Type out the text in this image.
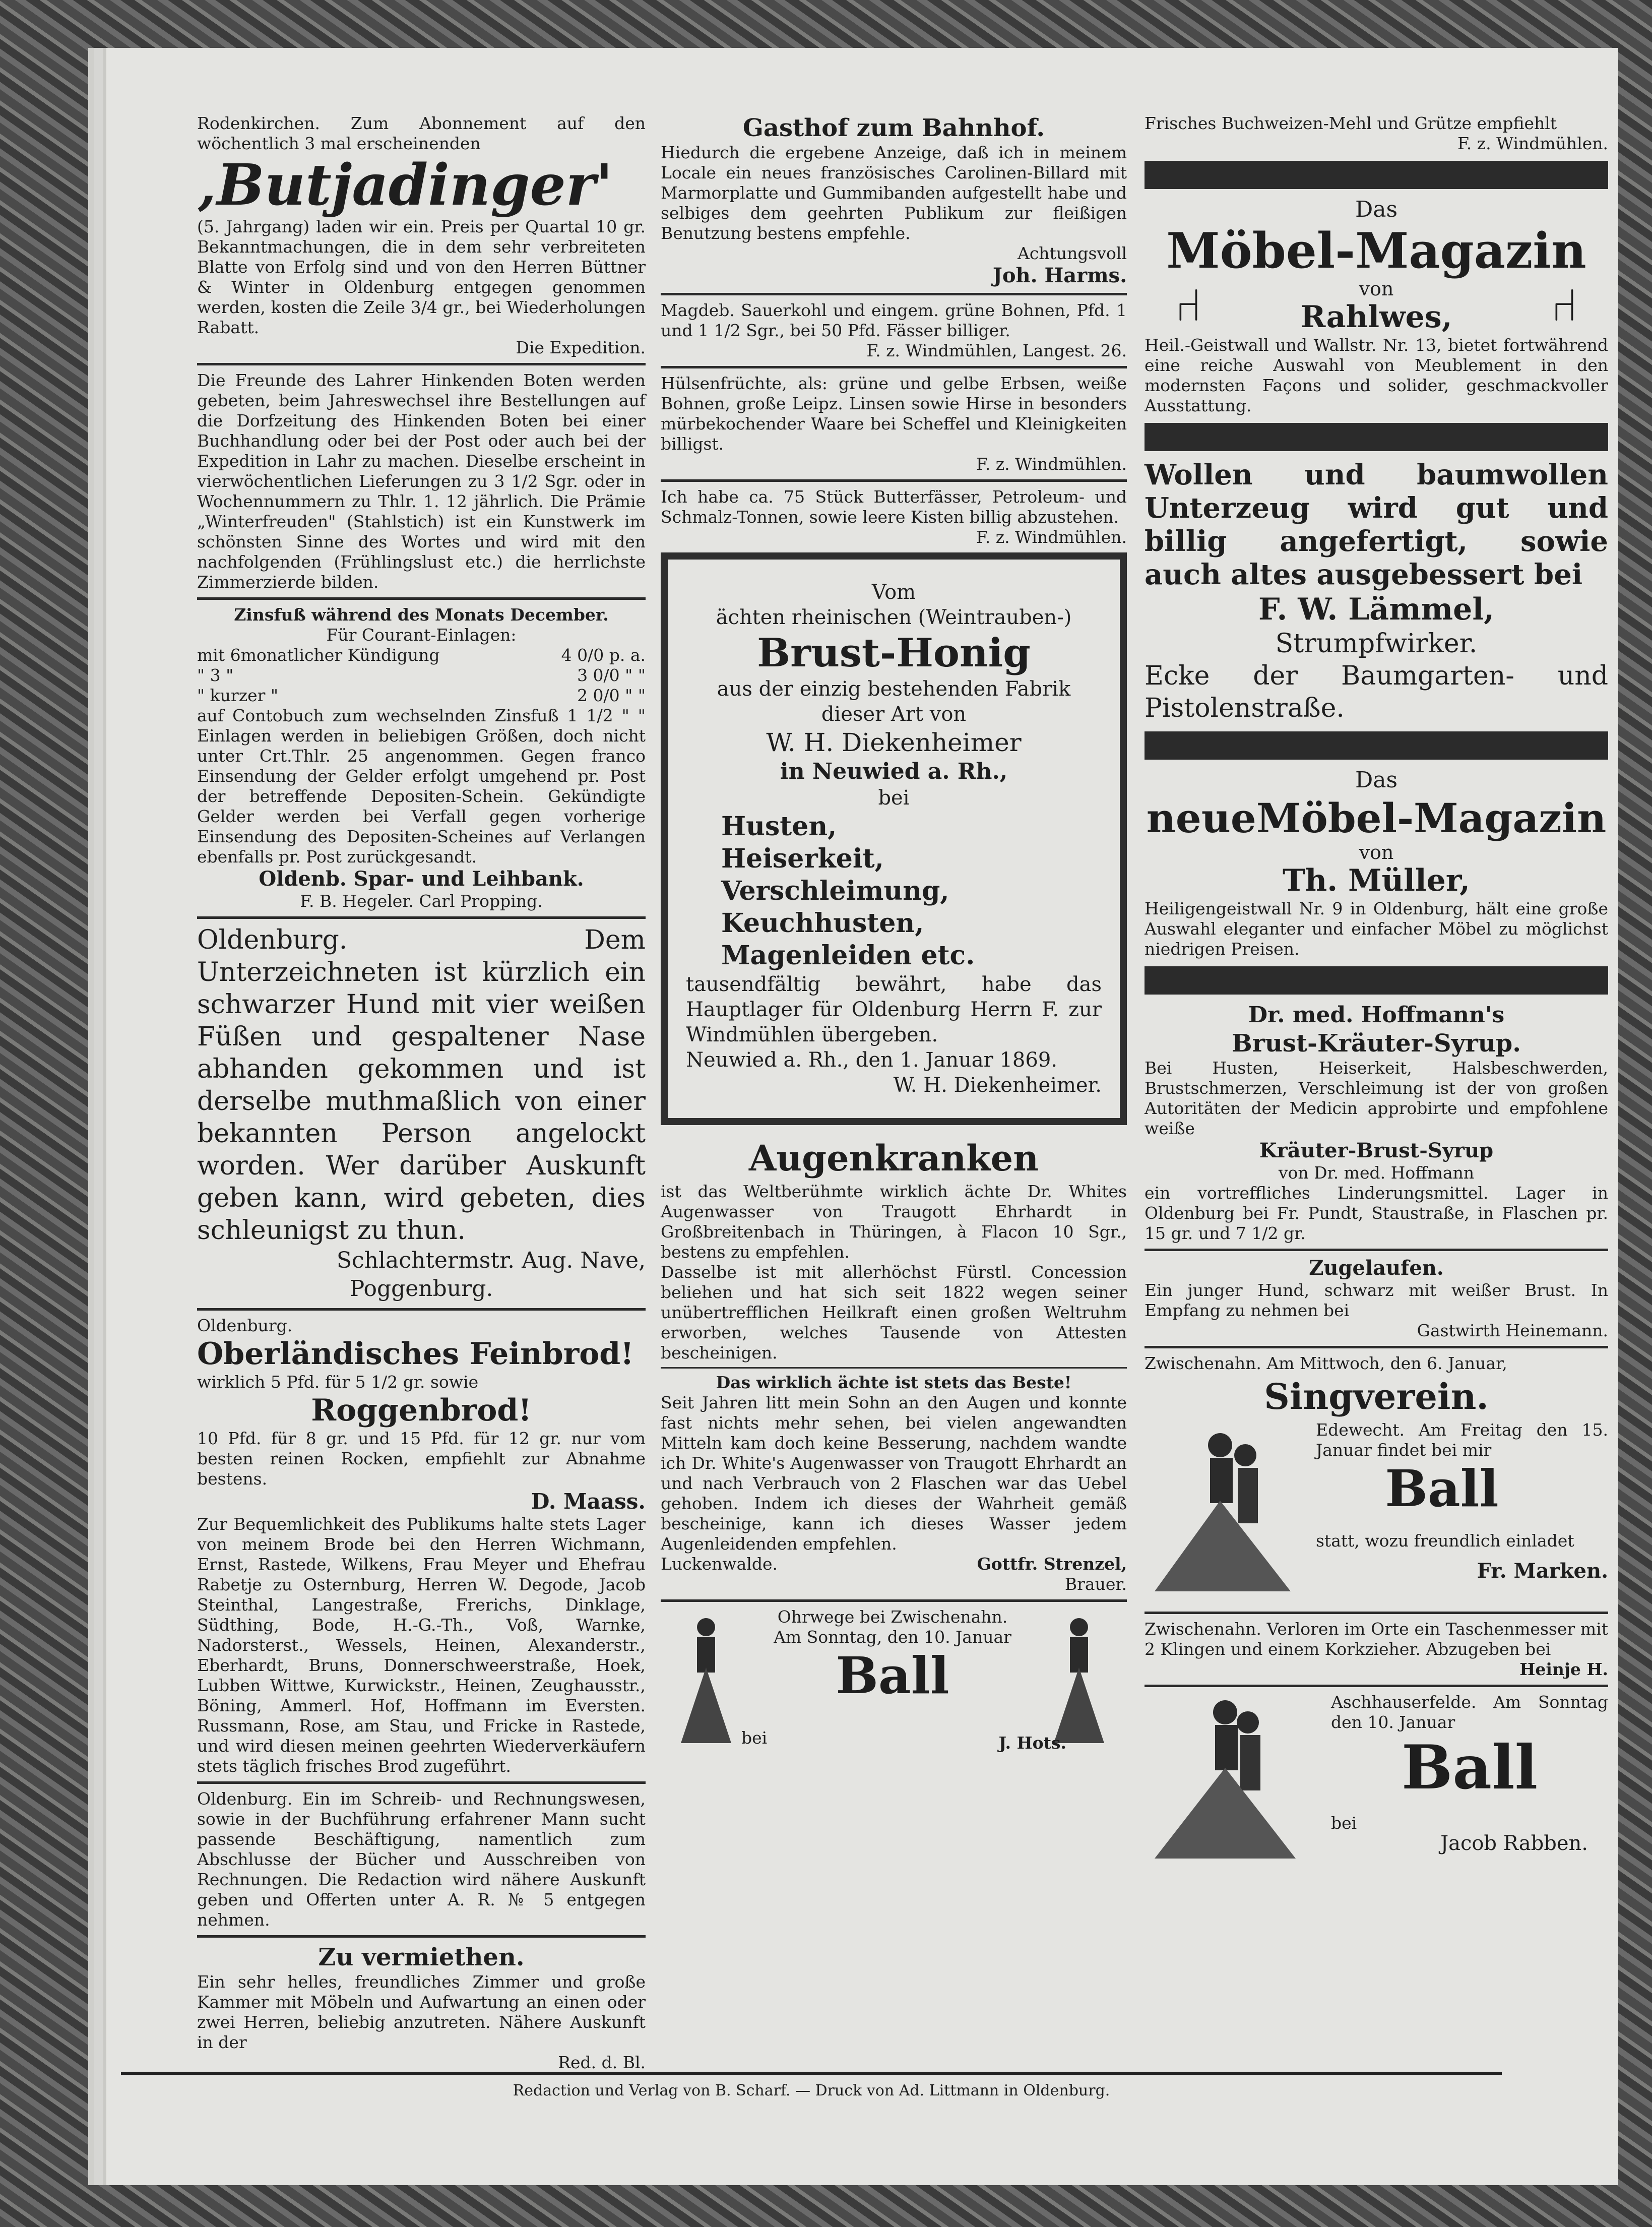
Rodenkirchen. Zum Abonnement auf den wöchentlich 3 mal erscheinenden

‚Butjadinger'

(5. Jahrgang) laden wir ein. Preis per Quartal 10 gr. Bekanntmachungen, die in dem sehr verbreiteten Blatte von Erfolg sind und von den Herren Büttner & Winter in Oldenburg entgegen genommen werden, kosten die Zeile 3/4 gr., bei Wiederholungen Rabatt.

Die Expedition.

Die Freunde des Lahrer Hinkenden Boten werden gebeten, beim Jahreswechsel ihre Bestellungen auf die Dorfzeitung des Hinkenden Boten bei einer Buchhandlung oder bei der Post oder auch bei der Expedition in Lahr zu machen. Dieselbe erscheint in vierwöchentlichen Lieferungen zu 3 1/2 Sgr. oder in Wochennummern zu Thlr. 1. 12 jährlich. Die Prämie „Winterfreuden" (Stahlstich) ist ein Kunstwerk im schönsten Sinne des Wortes und wird mit den nachfolgenden (Frühlingslust etc.) die herrlichste Zimmerzierde bilden.

Zinsfuß während des Monats December.

Für Courant-Einlagen:

mit 6monatlicher Kündigung	4 0/0 p. a.
" 3 "	3 0/0 " "
" kurzer "	2 0/0 " "

auf Contobuch zum wechselnden Zinsfuß 1 1/2 " " Einlagen werden in beliebigen Größen, doch nicht unter Crt.Thlr. 25 angenommen. Gegen franco Einsendung der Gelder erfolgt umgehend pr. Post der betreffende Depositen-Schein. Gekündigte Gelder werden bei Verfall gegen vorherige Einsendung des Depositen-Scheines auf Verlangen ebenfalls pr. Post zurückgesandt.

Oldenb. Spar- und Leihbank.

F. B. Hegeler. Carl Propping.

Oldenburg. Dem Unterzeichneten ist kürzlich ein schwarzer Hund mit vier weißen Füßen und gespaltener Nase abhanden gekommen und ist derselbe muthmaßlich von einer bekannten Person angelockt worden. Wer darüber Auskunft geben kann, wird gebeten, dies schleunigst zu thun.

Schlachtermstr. Aug. Nave,

Poggenburg.

Oldenburg.

Oberländisches Feinbrod!

wirklich 5 Pfd. für 5 1/2 gr. sowie

Roggenbrod!

10 Pfd. für 8 gr. und 15 Pfd. für 12 gr. nur vom besten reinen Rocken, empfiehlt zur Abnahme bestens.

D. Maass.

Zur Bequemlichkeit des Publikums halte stets Lager von meinem Brode bei den Herren Wichmann, Ernst, Rastede, Wilkens, Frau Meyer und Ehefrau Rabetje zu Osternburg, Herren W. Degode, Jacob Steinthal, Langestraße, Frerichs, Dinklage, Südthing, Bode, H.-G.-Th., Voß, Warnke, Nadorsterst., Wessels, Heinen, Alexanderstr., Eberhardt, Bruns, Donnerschweerstraße, Hoek, Lubben Wittwe, Kurwickstr., Heinen, Zeughausstr., Böning, Ammerl. Hof, Hoffmann im Eversten. Russmann, Rose, am Stau, und Fricke in Rastede, und wird diesen meinen geehrten Wiederverkäufern stets täglich frisches Brod zugeführt.

Oldenburg. Ein im Schreib- und Rechnungswesen, sowie in der Buchführung erfahrener Mann sucht passende Beschäftigung, namentlich zum Abschlusse der Bücher und Ausschreiben von Rechnungen. Die Redaction wird nähere Auskunft geben und Offerten unter A. R. № 5 entgegen nehmen.

Zu vermiethen.

Ein sehr helles, freundliches Zimmer und große Kammer mit Möbeln und Aufwartung an einen oder zwei Herren, beliebig anzutreten. Nähere Auskunft in der

Red. d. Bl.

Gasthof zum Bahnhof.

Hiedurch die ergebene Anzeige, daß ich in meinem Locale ein neues französisches Carolinen-Billard mit Marmorplatte und Gummibanden aufgestellt habe und selbiges dem geehrten Publikum zur fleißigen Benutzung bestens empfehle.

Achtungsvoll

Joh. Harms.

Magdeb. Sauerkohl und eingem. grüne Bohnen, Pfd. 1 und 1 1/2 Sgr., bei 50 Pfd. Fässer billiger.

F. z. Windmühlen, Langest. 26.

Hülsenfrüchte, als: grüne und gelbe Erbsen, weiße Bohnen, große Leipz. Linsen sowie Hirse in besonders mürbekochender Waare bei Scheffel und Kleinigkeiten billigst.

F. z. Windmühlen.

Ich habe ca. 75 Stück Butterfässer, Petroleum- und Schmalz-Tonnen, sowie leere Kisten billig abzustehen.

F. z. Windmühlen.

Vom

ächten rheinischen (Weintrauben-)

Brust-Honig

aus der einzig bestehenden Fabrik dieser Art von

W. H. Diekenheimer

in Neuwied a. Rh.,

bei

Husten,

Heiserkeit,

Verschleimung,

Keuchhusten,

Magenleiden etc.

tausendfältig bewährt, habe das Hauptlager für Oldenburg Herrn F. zur Windmühlen übergeben.

Neuwied a. Rh., den 1. Januar 1869.

W. H. Diekenheimer.

Augenkranken

ist das Weltberühmte wirklich ächte Dr. Whites Augenwasser von Traugott Ehrhardt in Großbreitenbach in Thüringen, à Flacon 10 Sgr., bestens zu empfehlen.

Dasselbe ist mit allerhöchst Fürstl. Concession beliehen und hat sich seit 1822 wegen seiner unübertrefflichen Heilkraft einen großen Weltruhm erworben, welches Tausende von Attesten bescheinigen.

Das wirklich ächte ist stets das Beste!

Seit Jahren litt mein Sohn an den Augen und konnte fast nichts mehr sehen, bei vielen angewandten Mitteln kam doch keine Besserung, nachdem wandte ich Dr. White's Augenwasser von Traugott Ehrhardt an und nach Verbrauch von 2 Flaschen war das Uebel gehoben. Indem ich dieses der Wahrheit gemäß bescheinige, kann ich dieses Wasser jedem Augenleidenden empfehlen.

Luckenwalde.	Gottfr. Strenzel,

Brauer.

Ohrwege bei Zwischenahn.

Am Sonntag, den 10. Januar

Ball

bei	J. Hots.

Frisches Buchweizen-Mehl und Grütze empfiehlt

F. z. Windmühlen.

Das

Möbel-Magazin

⑁	⑁

von

Rahlwes,

Heil.-Geistwall und Wallstr. Nr. 13, bietet fortwährend eine reiche Auswahl von Meublement in den modernsten Façons und solider, geschmackvoller Ausstattung.

Wollen und baumwollen Unterzeug wird gut und billig angefertigt, sowie auch altes ausgebessert bei

F. W. Lämmel,

Strumpfwirker.

Ecke der Baumgarten- und Pistolenstraße.

Das

neueMöbel-Magazin

von

Th. Müller,

Heiligengeistwall Nr. 9 in Oldenburg, hält eine große Auswahl eleganter und einfacher Möbel zu möglichst niedrigen Preisen.

Dr. med. Hoffmann's

Brust-Kräuter-Syrup.

Bei Husten, Heiserkeit, Halsbeschwerden, Brustschmerzen, Verschleimung ist der von großen Autoritäten der Medicin approbirte und empfohlene weiße

Kräuter-Brust-Syrup

von Dr. med. Hoffmann

ein vortreffliches Linderungsmittel. Lager in Oldenburg bei Fr. Pundt, Staustraße, in Flaschen pr. 15 gr. und 7 1/2 gr.

Zugelaufen.

Ein junger Hund, schwarz mit weißer Brust. In Empfang zu nehmen bei

Gastwirth Heinemann.

Zwischenahn. Am Mittwoch, den 6. Januar,

Singverein.

Edewecht. Am Freitag den 15. Januar findet bei mir

Ball

statt, wozu freundlich einladet

Fr. Marken.

Zwischenahn. Verloren im Orte ein Taschenmesser mit 2 Klingen und einem Korkzieher. Abzugeben bei

Heinje H.

Aschhauserfelde. Am Sonntag den 10. Januar

Ball

bei

Jacob Rabben.

Redaction und Verlag von B. Scharf. — Druck von Ad. Littmann in Oldenburg.
